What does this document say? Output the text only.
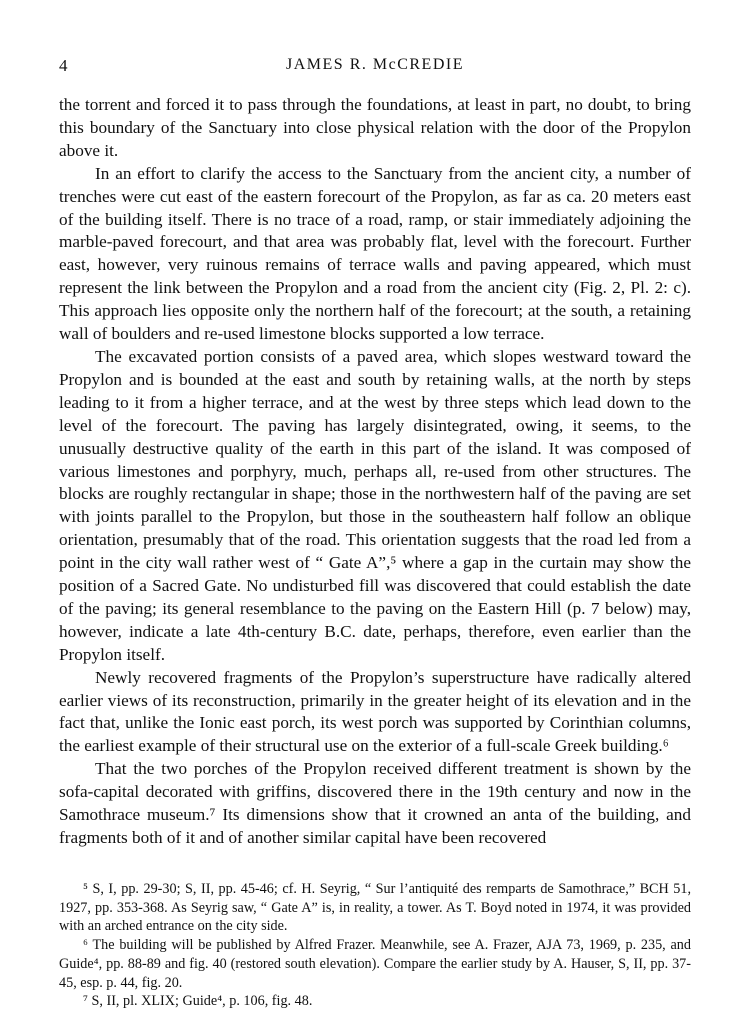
4	JAMES R. McCREDIE

the torrent and forced it to pass through the foundations, at least in part, no doubt, to bring this boundary of the Sanctuary into close physical relation with the door of the Propylon above it.

In an effort to clarify the access to the Sanctuary from the ancient city, a number of trenches were cut east of the eastern forecourt of the Propylon, as far as ca. 20 meters east of the building itself. There is no trace of a road, ramp, or stair immediately adjoining the marble-paved forecourt, and that area was probably flat, level with the forecourt. Further east, however, very ruinous remains of terrace walls and paving appeared, which must represent the link between the Propylon and a road from the ancient city (Fig. 2, Pl. 2: c). This approach lies opposite only the northern half of the forecourt; at the south, a retaining wall of boulders and re-used limestone blocks supported a low terrace.

The excavated portion consists of a paved area, which slopes westward toward the Propylon and is bounded at the east and south by retaining walls, at the north by steps leading to it from a higher terrace, and at the west by three steps which lead down to the level of the forecourt. The paving has largely disintegrated, owing, it seems, to the unusually destructive quality of the earth in this part of the island. It was composed of various limestones and porphyry, much, perhaps all, re-used from other structures. The blocks are roughly rectangular in shape; those in the northwestern half of the paving are set with joints parallel to the Propylon, but those in the southeastern half follow an oblique orientation, presumably that of the road. This orientation suggests that the road led from a point in the city wall rather west of “ Gate A”,⁵ where a gap in the curtain may show the position of a Sacred Gate. No undisturbed fill was discovered that could establish the date of the paving; its general resemblance to the paving on the Eastern Hill (p. 7 below) may, however, indicate a late 4th-century B.C. date, perhaps, therefore, even earlier than the Propylon itself.

Newly recovered fragments of the Propylon’s superstructure have radically altered earlier views of its reconstruction, primarily in the greater height of its elevation and in the fact that, unlike the Ionic east porch, its west porch was supported by Corinthian columns, the earliest example of their structural use on the exterior of a full-scale Greek building.⁶

That the two porches of the Propylon received different treatment is shown by the sofa-capital decorated with griffins, discovered there in the 19th century and now in the Samothrace museum.⁷ Its dimensions show that it crowned an anta of the building, and fragments both of it and of another similar capital have been recovered

⁵ S, I, pp. 29-30; S, II, pp. 45-46; cf. H. Seyrig, “ Sur l’antiquité des remparts de Samothrace,” BCH 51, 1927, pp. 353-368. As Seyrig saw, “ Gate A” is, in reality, a tower. As T. Boyd noted in 1974, it was provided with an arched entrance on the city side.

⁶ The building will be published by Alfred Frazer. Meanwhile, see A. Frazer, AJA 73, 1969, p. 235, and Guide⁴, pp. 88-89 and fig. 40 (restored south elevation). Compare the earlier study by A. Hauser, S, II, pp. 37-45, esp. p. 44, fig. 20.

⁷ S, II, pl. XLIX; Guide⁴, p. 106, fig. 48.
